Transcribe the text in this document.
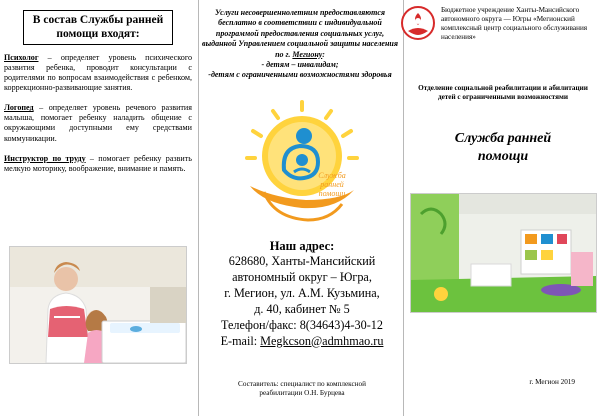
В состав Службы ранней
помощи входят:

Психолог – определяет уровень психического развития ребенка, проводит консультации с родителями по вопросам взаимодействия с ребенком, коррекционно-развивающие занятия.

Логопед – определяет уровень речевого развития малыша, помогает ребенку наладить общение с окружающими доступными ему средствами коммуникации.

Инструктор по труду – помогает ребенку развить мелкую моторику, воображение, внимание и память.

Услуги несовершеннолетним предоставляются бесплатно в соответствии с индивидуальной программой предоставления социальных услуг, выданной Управлением социальной защиты населения по г. Мегиону:

- детям – инвалидам;

-детям с ограниченными возможностями здоровья

Служба
ранней
помощи
Наш адрес:
628680, Ханты-Мансийский
автономный округ – Югра,
г. Мегион, ул. А.М. Кузьмина,
д. 40, кабинет № 5
Телефон/факс: 8(34643)4-30-12
E-mail: Megkcson@admhmao.ru
Составитель: специалист по комплексной
реабилитации О.Н. Бурцева
Бюджетное учреждение Ханты-Мансийского автономного округа — Югры «Мегионский комплексный центр социального обслуживания населения»
Отделение социальной реабилитации и абилитации детей с ограниченными возможностями
Служба ранней
помощи
г. Мегион 2019
